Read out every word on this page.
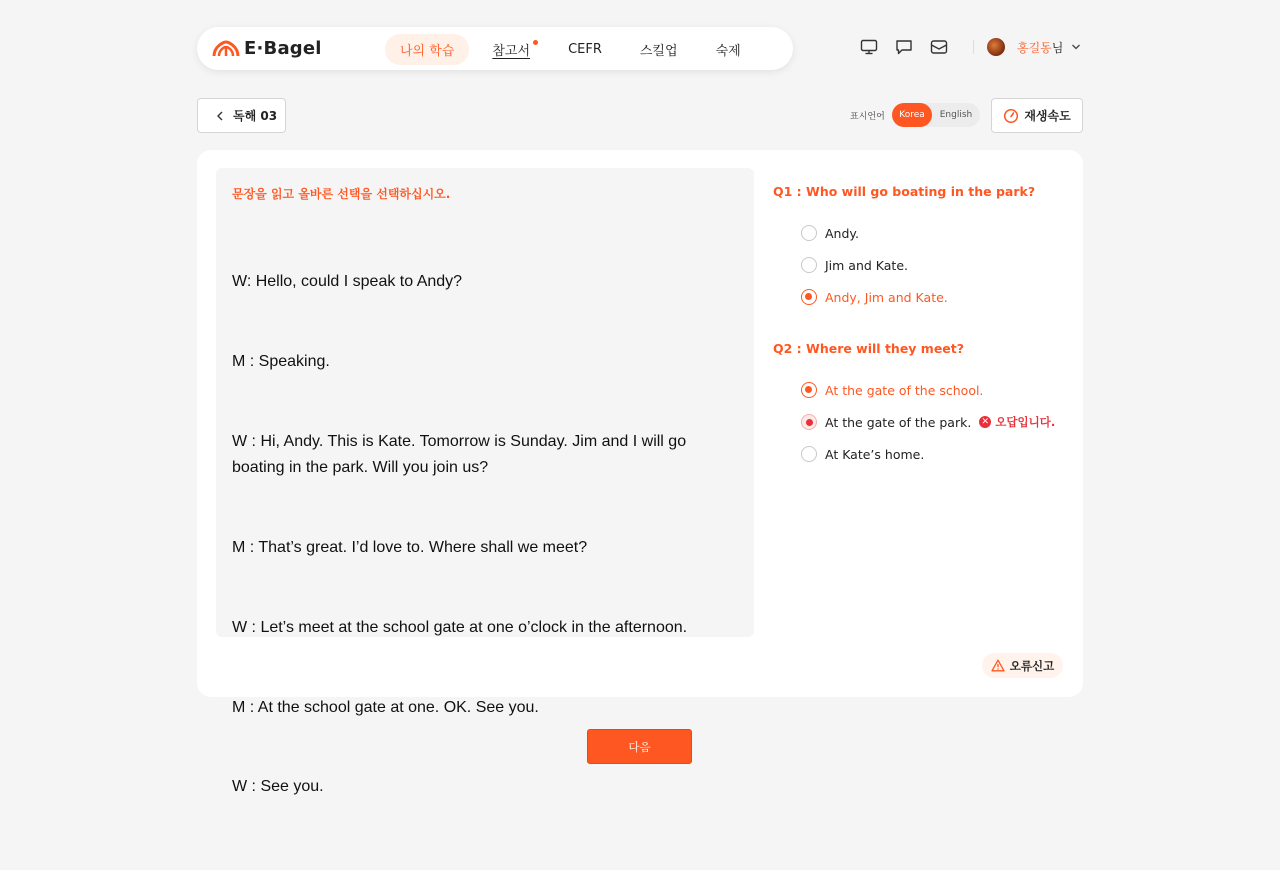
E·Bagel	나의 학습	참고서	CEFR	스킬업	숙제	홍길동님
독해 03	표시언어	Korea	English	재생속도
문장을 읽고 올바른 선택을 선택하십시오.

W: Hello, could I speak to Andy?

M : Speaking.

W : Hi, Andy. This is Kate. Tomorrow is Sunday. Jim and I will go boating in the park. Will you join us?

M : That’s great. I’d love to. Where shall we meet?

W : Let’s meet at the school gate at one o’clock in the afternoon.

M : At the school gate at one. OK. See you.

W : See you.

Q1 : Who will go boating in the park?
Andy.
Jim and Kate.
Andy, Jim and Kate.
Q2 : Where will they meet?
At the gate of the school.
At the gate of the park. ✕ 오답입니다.
At Kate’s home.
오류신고
다음
